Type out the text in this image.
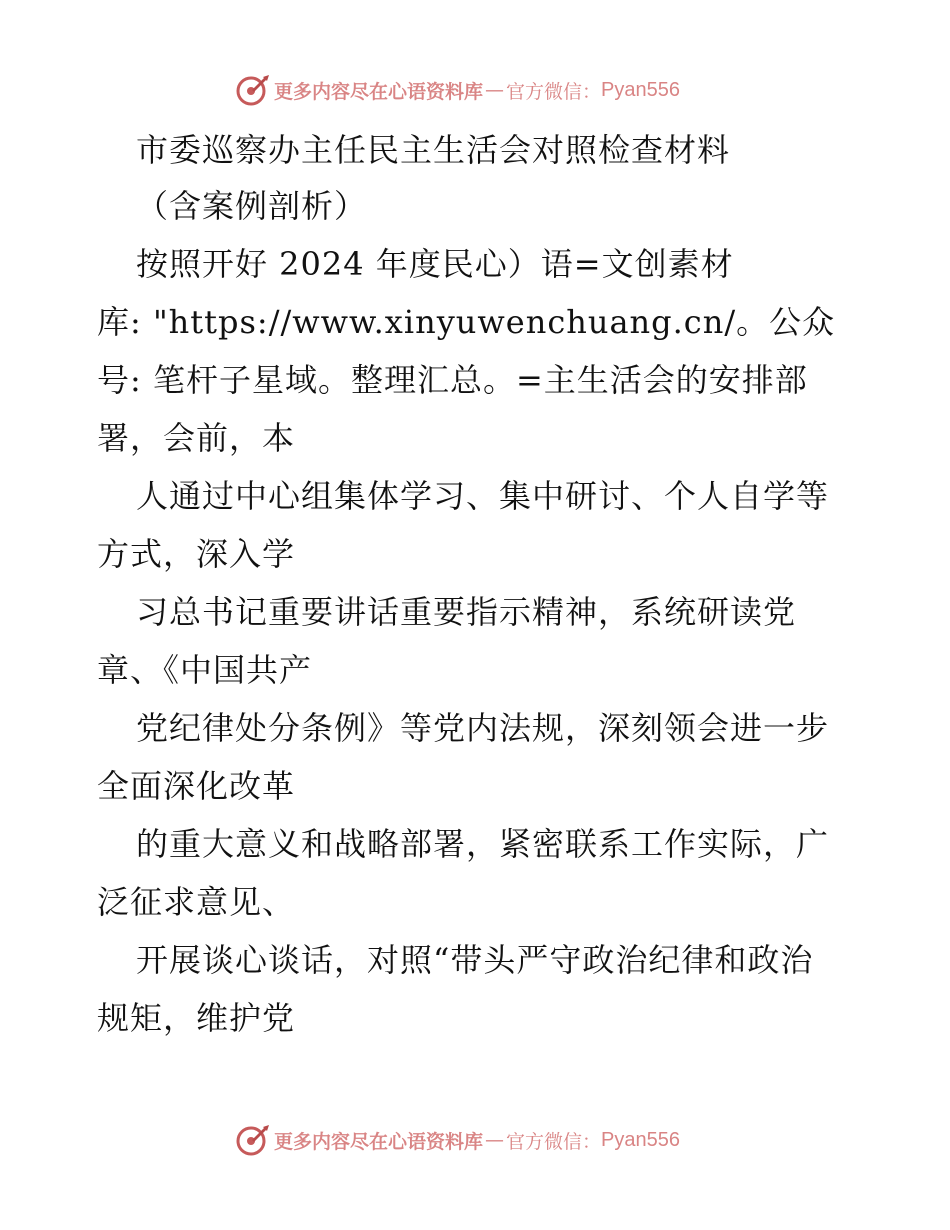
更多内容尽在心语资料库 — 官方微信： Pyan556
市委巡察办主任民主生活会对照检查材料
（含案例剖析）
按照开好 2024 年度民心）语=文创素材
库: "https://www.xinyuwenchuang.cn/。公众
号: 笔杆子星域。整理汇总。=主生活会的安排部
署，会前，本
人通过中心组集体学习、集中研讨、个人自学等
方式，深入学
习总书记重要讲话重要指示精神，系统研读党
章、《中国共产
党纪律处分条例》等党内法规，深刻领会进一步
全面深化改革
的重大意义和战略部署，紧密联系工作实际，广
泛征求意见、
开展谈心谈话，对照“带头严守政治纪律和政治
规矩，维护党
更多内容尽在心语资料库 — 官方微信： Pyan556
